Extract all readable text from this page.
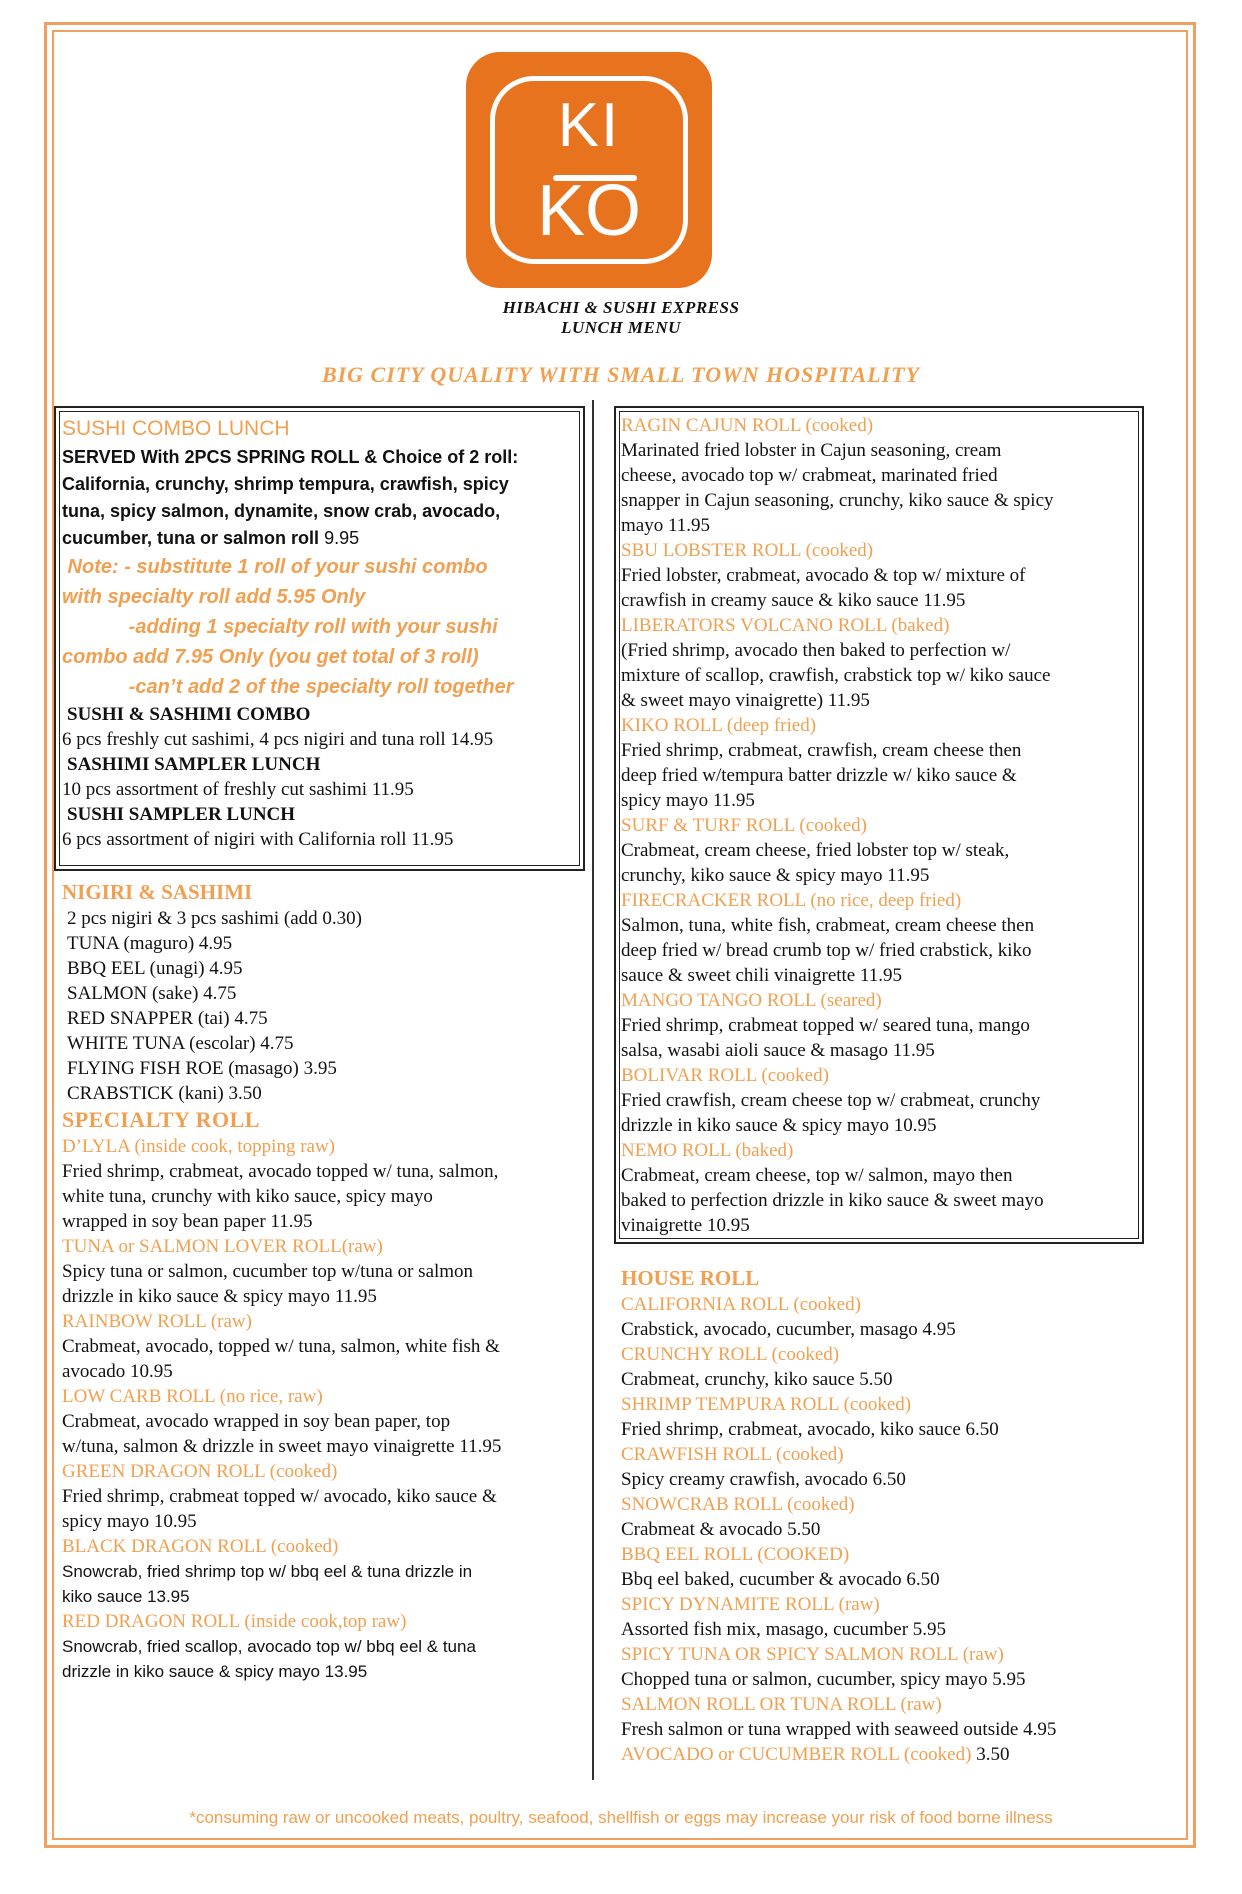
KI
KO
HIBACHI & SUSHI EXPRESS
LUNCH MENU
BIG CITY QUALITY WITH SMALL TOWN HOSPITALITY
SUSHI COMBO LUNCH
SERVED With 2PCS SPRING ROLL & Choice of 2 roll:
California, crunchy, shrimp tempura, crawfish, spicy
tuna, spicy salmon, dynamite, snow crab, avocado,
cucumber, tuna or salmon roll 9.95
Note: - substitute 1 roll of your sushi combo
with specialty roll add 5.95 Only
-adding 1 specialty roll with your sushi
combo add 7.95 Only (you get total of 3 roll)
-can’t add 2 of the specialty roll together
SUSHI & SASHIMI COMBO
6 pcs freshly cut sashimi, 4 pcs nigiri and tuna roll 14.95
SASHIMI SAMPLER LUNCH
10 pcs assortment of freshly cut sashimi 11.95
SUSHI SAMPLER LUNCH
6 pcs assortment of nigiri with California roll 11.95
NIGIRI & SASHIMI
2 pcs nigiri & 3 pcs sashimi (add 0.30)
TUNA (maguro) 4.95
BBQ EEL (unagi) 4.95
SALMON (sake) 4.75
RED SNAPPER (tai) 4.75
WHITE TUNA (escolar) 4.75
FLYING FISH ROE (masago) 3.95
CRABSTICK (kani) 3.50
SPECIALTY ROLL
D’LYLA (inside cook, topping raw)
Fried shrimp, crabmeat, avocado topped w/ tuna, salmon,
white tuna, crunchy with kiko sauce, spicy mayo
wrapped in soy bean paper 11.95
TUNA or SALMON LOVER ROLL(raw)
Spicy tuna or salmon, cucumber top w/tuna or salmon
drizzle in kiko sauce & spicy mayo 11.95
RAINBOW ROLL (raw)
Crabmeat, avocado, topped w/ tuna, salmon, white fish &
avocado 10.95
LOW CARB ROLL (no rice, raw)
Crabmeat, avocado wrapped in soy bean paper, top
w/tuna, salmon & drizzle in sweet mayo vinaigrette 11.95
GREEN DRAGON ROLL (cooked)
Fried shrimp, crabmeat topped w/ avocado, kiko sauce &
spicy mayo 10.95
BLACK DRAGON ROLL (cooked)
Snowcrab, fried shrimp top w/ bbq eel & tuna drizzle in
kiko sauce 13.95
RED DRAGON ROLL (inside cook,top raw)
Snowcrab, fried scallop, avocado top w/ bbq eel & tuna
drizzle in kiko sauce & spicy mayo 13.95
RAGIN CAJUN ROLL (cooked)
Marinated fried lobster in Cajun seasoning, cream
cheese, avocado top w/ crabmeat, marinated fried
snapper in Cajun seasoning, crunchy, kiko sauce & spicy
mayo 11.95
SBU LOBSTER ROLL (cooked)
Fried lobster, crabmeat, avocado & top w/ mixture of
crawfish in creamy sauce & kiko sauce 11.95
LIBERATORS VOLCANO ROLL (baked)
(Fried shrimp, avocado then baked to perfection w/
mixture of scallop, crawfish, crabstick top w/ kiko sauce
& sweet mayo vinaigrette) 11.95
KIKO ROLL (deep fried)
Fried shrimp, crabmeat, crawfish, cream cheese then
deep fried w/tempura batter drizzle w/ kiko sauce &
spicy mayo 11.95
SURF & TURF ROLL (cooked)
Crabmeat, cream cheese, fried lobster top w/ steak,
crunchy, kiko sauce & spicy mayo 11.95
FIRECRACKER ROLL (no rice, deep fried)
Salmon, tuna, white fish, crabmeat, cream cheese then
deep fried w/ bread crumb top w/ fried crabstick, kiko
sauce & sweet chili vinaigrette 11.95
MANGO TANGO ROLL (seared)
Fried shrimp, crabmeat topped w/ seared tuna, mango
salsa, wasabi aioli sauce & masago 11.95
BOLIVAR ROLL (cooked)
Fried crawfish, cream cheese top w/ crabmeat, crunchy
drizzle in kiko sauce & spicy mayo 10.95
NEMO ROLL (baked)
Crabmeat, cream cheese, top w/ salmon, mayo then
baked to perfection drizzle in kiko sauce & sweet mayo
vinaigrette 10.95
HOUSE ROLL
CALIFORNIA ROLL (cooked)
Crabstick, avocado, cucumber, masago 4.95
CRUNCHY ROLL (cooked)
Crabmeat, crunchy, kiko sauce 5.50
SHRIMP TEMPURA ROLL (cooked)
Fried shrimp, crabmeat, avocado, kiko sauce 6.50
CRAWFISH ROLL (cooked)
Spicy creamy crawfish, avocado 6.50
SNOWCRAB ROLL (cooked)
Crabmeat & avocado 5.50
BBQ EEL ROLL (COOKED)
Bbq eel baked, cucumber & avocado 6.50
SPICY DYNAMITE ROLL (raw)
Assorted fish mix, masago, cucumber 5.95
SPICY TUNA OR SPICY SALMON ROLL (raw)
Chopped tuna or salmon, cucumber, spicy mayo 5.95
SALMON ROLL OR TUNA ROLL (raw)
Fresh salmon or tuna wrapped with seaweed outside 4.95
AVOCADO or CUCUMBER ROLL (cooked) 3.50
*consuming raw or uncooked meats, poultry, seafood, shellfish or eggs may increase your risk of food borne illness
